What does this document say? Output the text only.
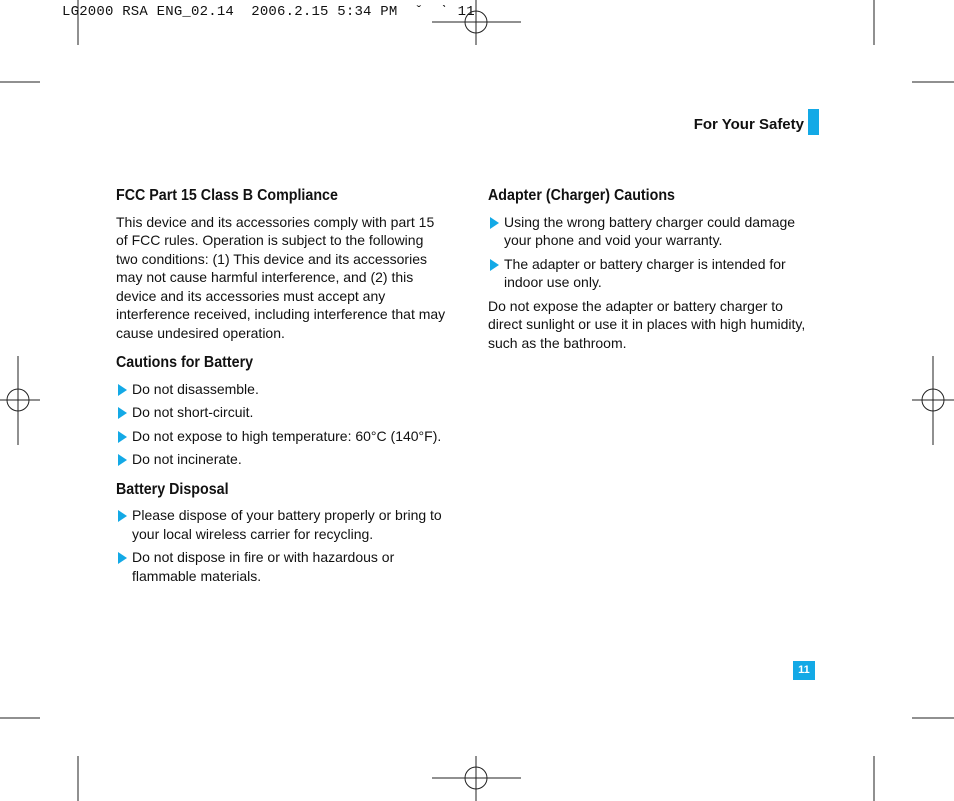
LG2000 RSA ENG_02.14  2006.2.15 5:34 PM  ˇ  ˋ 11
For Your Safety
FCC Part 15 Class B Compliance

This device and its accessories comply with part 15 of FCC rules. Operation is subject to the following two conditions: (1) This device and its accessories may not cause harmful interference, and (2) this device and its accessories must accept any interference received, including interference that may cause undesired operation.

Cautions for Battery
Do not disassemble.
Do not short-circuit.
Do not expose to high temperature: 60°C (140°F).
Do not incinerate.
Battery Disposal
Please dispose of your battery properly or bring to your local wireless carrier for recycling.
Do not dispose in fire or with hazardous or flammable materials.
Adapter (Charger) Cautions
Using the wrong battery charger could damage your phone and void your warranty.
The adapter or battery charger is intended for indoor use only.

Do not expose the adapter or battery charger to direct sunlight or use it in places with high humidity, such as the bathroom.

11
